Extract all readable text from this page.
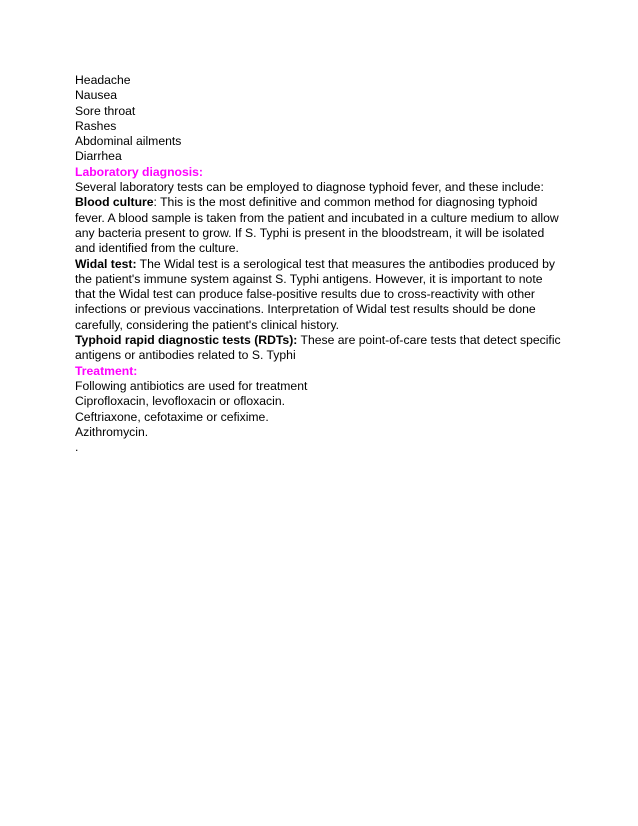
Headache

Nausea

Sore throat

Rashes

Abdominal ailments

Diarrhea

Laboratory diagnosis:

Several laboratory tests can be employed to diagnose typhoid fever, and these include:

Blood culture: This is the most definitive and common method for diagnosing typhoid fever. A blood sample is taken from the patient and incubated in a culture medium to allow any bacteria present to grow. If S. Typhi is present in the bloodstream, it will be isolated and identified from the culture.

Widal test: The Widal test is a serological test that measures the antibodies produced by the patient's immune system against S. Typhi antigens. However, it is important to note that the Widal test can produce false-positive results due to cross-reactivity with other infections or previous vaccinations. Interpretation of Widal test results should be done carefully, considering the patient's clinical history.

Typhoid rapid diagnostic tests (RDTs): These are point-of-care tests that detect specific antigens or antibodies related to S. Typhi

Treatment:

Following antibiotics are used for treatment

Ciprofloxacin, levofloxacin or ofloxacin.

Ceftriaxone, cefotaxime or cefixime.

Azithromycin.

.
